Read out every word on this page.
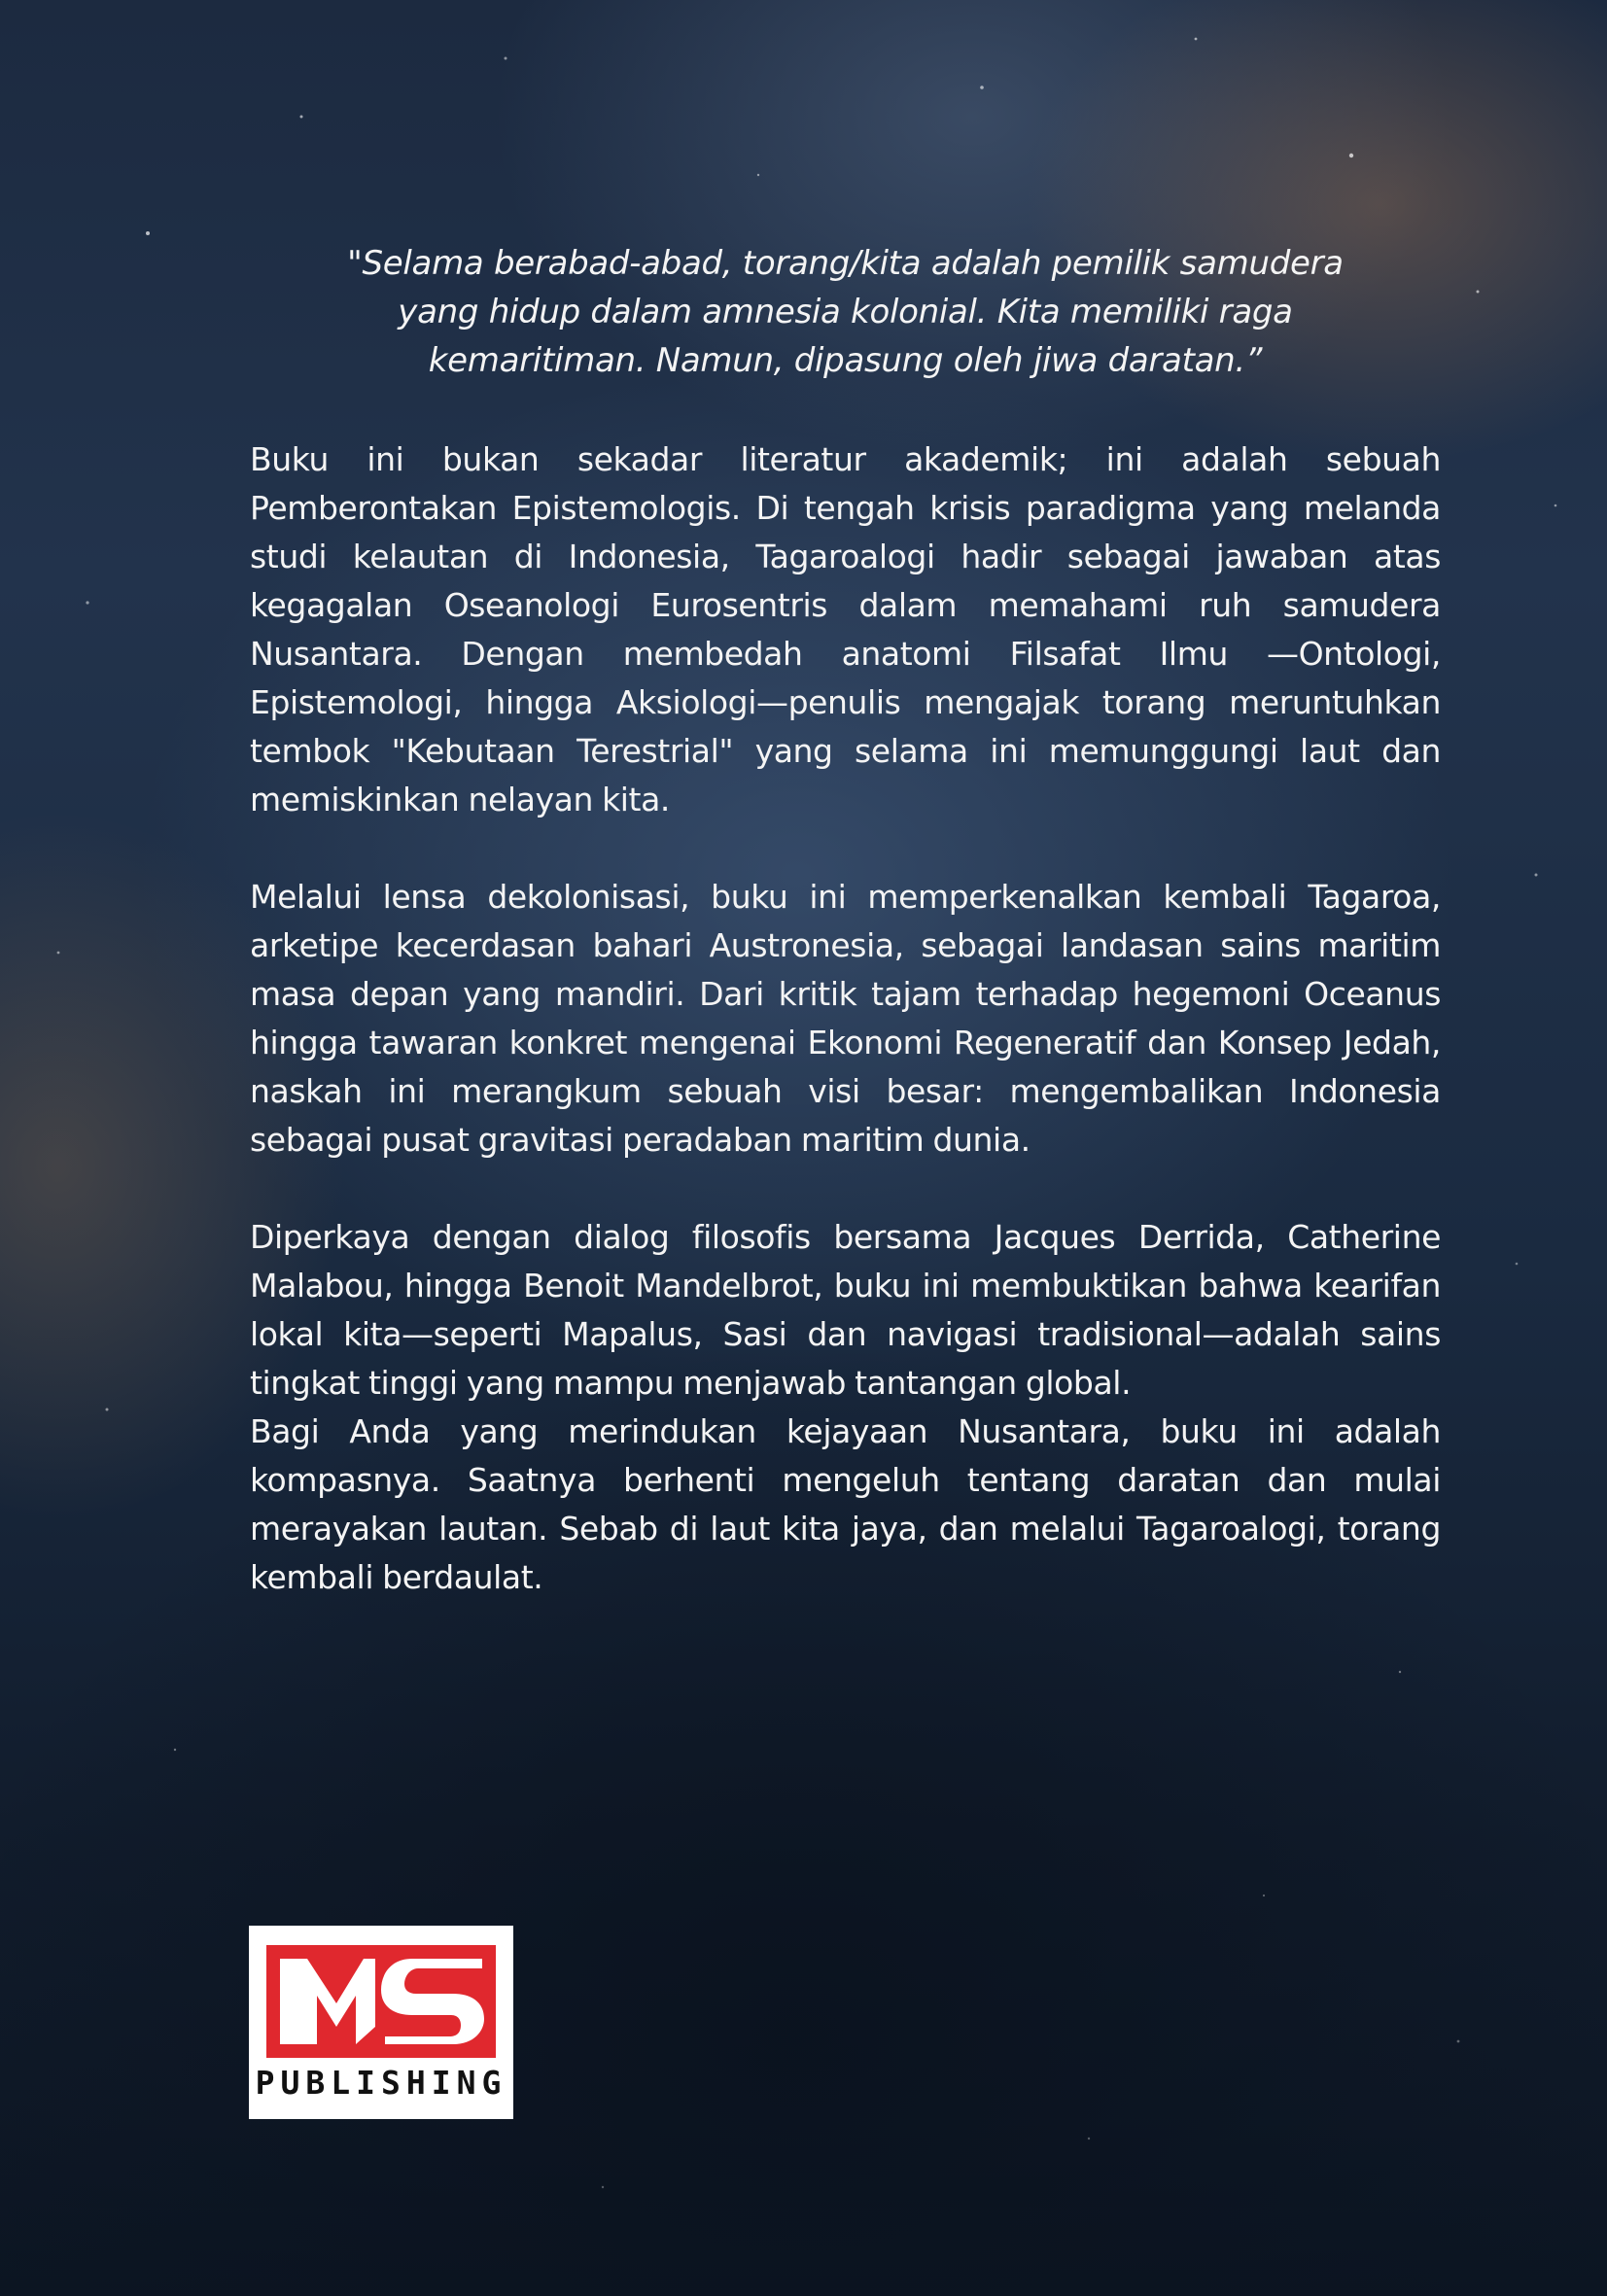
"Selama berabad-abad, torang/kita adalah pemilik samudera
yang hidup dalam amnesia kolonial. Kita memiliki raga
kemaritiman. Namun, dipasung oleh jiwa daratan.”

Buku ini bukan sekadar literatur akademik; ini adalah sebuah Pemberontakan Epistemologis. Di tengah krisis paradigma yang melanda studi kelautan di Indonesia, Tagaroalogi hadir sebagai jawaban atas kegagalan Oseanologi Eurosentris dalam memahami ruh samudera Nusantara. Dengan membedah anatomi Filsafat Ilmu —Ontologi, Epistemologi, hingga Aksiologi—penulis mengajak torang meruntuhkan tembok "Kebutaan Terestrial" yang selama ini memunggungi laut dan memiskinkan nelayan kita.

Melalui lensa dekolonisasi, buku ini memperkenalkan kembali Tagaroa, arketipe kecerdasan bahari Austronesia, sebagai landasan sains maritim masa depan yang mandiri. Dari kritik tajam terhadap hegemoni Oceanus hingga tawaran konkret mengenai Ekonomi Regeneratif dan Konsep Jedah, naskah ini merangkum sebuah visi besar: mengembalikan Indonesia sebagai pusat gravitasi peradaban maritim dunia.

Diperkaya dengan dialog filosofis bersama Jacques Derrida, Catherine Malabou, hingga Benoit Mandelbrot, buku ini membuktikan bahwa kearifan lokal kita—seperti Mapalus, Sasi dan navigasi tradisional—adalah sains tingkat tinggi yang mampu menjawab tantangan global.

Bagi Anda yang merindukan kejayaan Nusantara, buku ini adalah kompasnya. Saatnya berhenti mengeluh tentang daratan dan mulai merayakan lautan. Sebab di laut kita jaya, dan melalui Tagaroalogi, torang kembali berdaulat.

PUBLISHING
